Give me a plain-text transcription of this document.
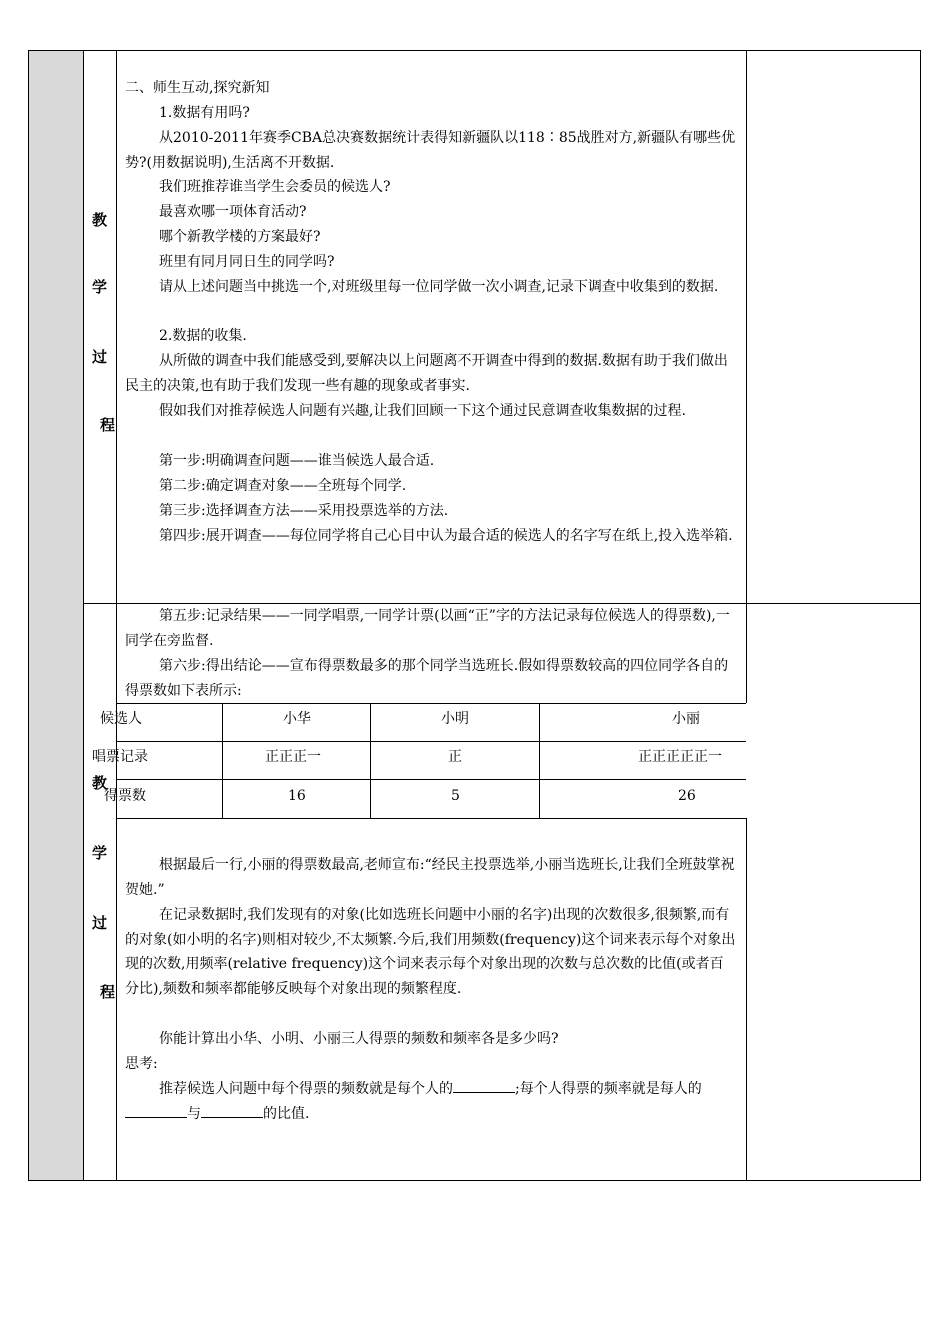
教
学
过
程
教
学
过
程
二、师生互动,探究新知
1.数据有用吗?
从2010-2011年赛季CBA总决赛数据统计表得知新疆队以118∶85战胜对方,新疆队有哪些优势?(用数据说明),生活离不开数据.
我们班推荐谁当学生会委员的候选人?
最喜欢哪一项体育活动?
哪个新教学楼的方案最好?
班里有同月同日生的同学吗?
请从上述问题当中挑选一个,对班级里每一位同学做一次小调查,记录下调查中收集到的数据.
2.数据的收集.
从所做的调查中我们能感受到,要解决以上问题离不开调查中得到的数据.数据有助于我们做出民主的决策,也有助于我们发现一些有趣的现象或者事实.
假如我们对推荐候选人问题有兴趣,让我们回顾一下这个通过民意调查收集数据的过程.
第一步:明确调查问题——谁当候选人最合适.
第二步:确定调查对象——全班每个同学.
第三步:选择调查方法——采用投票选举的方法.
第四步:展开调查——每位同学将自己心目中认为最合适的候选人的名字写在纸上,投入选举箱.
第五步:记录结果——一同学唱票,一同学计票(以画“正”字的方法记录每位候选人的得票数),一同学在旁监督.
第六步:得出结论——宣布得票数最多的那个同学当选班长.假如得票数较高的四位同学各自的得票数如下表所示:
候选人	小华	小明	小丽
唱票记录	正正正一	正	正正正正正一
得票数	16	5	26
根据最后一行,小丽的得票数最高,老师宣布:“经民主投票选举,小丽当选班长,让我们全班鼓掌祝贺她.”
在记录数据时,我们发现有的对象(比如选班长问题中小丽的名字)出现的次数很多,很频繁,而有的对象(如小明的名字)则相对较少,不太频繁.今后,我们用频数(frequency)这个词来表示每个对象出现的次数,用频率(relative frequency)这个词来表示每个对象出现的次数与总次数的比值(或者百分比),频数和频率都能够反映每个对象出现的频繁程度.
你能计算出小华、小明、小丽三人得票的频数和频率各是多少吗?
思考:
推荐候选人问题中每个得票的频数就是每个人的	;每个人得票的频率就是每人的与	的比值.
